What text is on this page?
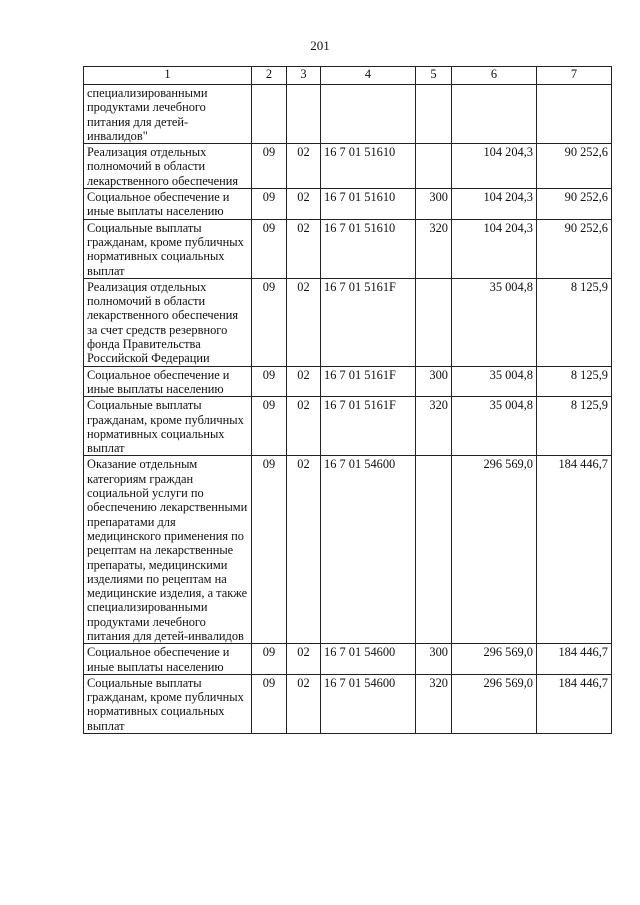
201
1	2	3	4	5	6	7
специализированными продуктами лечебного питания для детей-инвалидов"						
Реализация отдельных полномочий в области лекарственного обеспечения	09	02	16 7 01 51610		104 204,3	90 252,6
Социальное обеспечение и иные выплаты населению	09	02	16 7 01 51610	300	104 204,3	90 252,6
Социальные выплаты гражданам, кроме публичных нормативных социальных выплат	09	02	16 7 01 51610	320	104 204,3	90 252,6
Реализация отдельных полномочий в области лекарственного обеспечения за счет средств резервного фонда Правительства Российской Федерации	09	02	16 7 01 5161F		35 004,8	8 125,9
Социальное обеспечение и иные выплаты населению	09	02	16 7 01 5161F	300	35 004,8	8 125,9
Социальные выплаты гражданам, кроме публичных нормативных социальных выплат	09	02	16 7 01 5161F	320	35 004,8	8 125,9
Оказание отдельным категориям граждан социальной услуги по обеспечению лекарственными препаратами для медицинского применения по рецептам на лекарственные препараты, медицинскими изделиями по рецептам на медицинские изделия, а также специализированными продуктами лечебного питания для детей-инвалидов	09	02	16 7 01 54600		296 569,0	184 446,7
Социальное обеспечение и иные выплаты населению	09	02	16 7 01 54600	300	296 569,0	184 446,7
Социальные выплаты гражданам, кроме публичных нормативных социальных выплат	09	02	16 7 01 54600	320	296 569,0	184 446,7
